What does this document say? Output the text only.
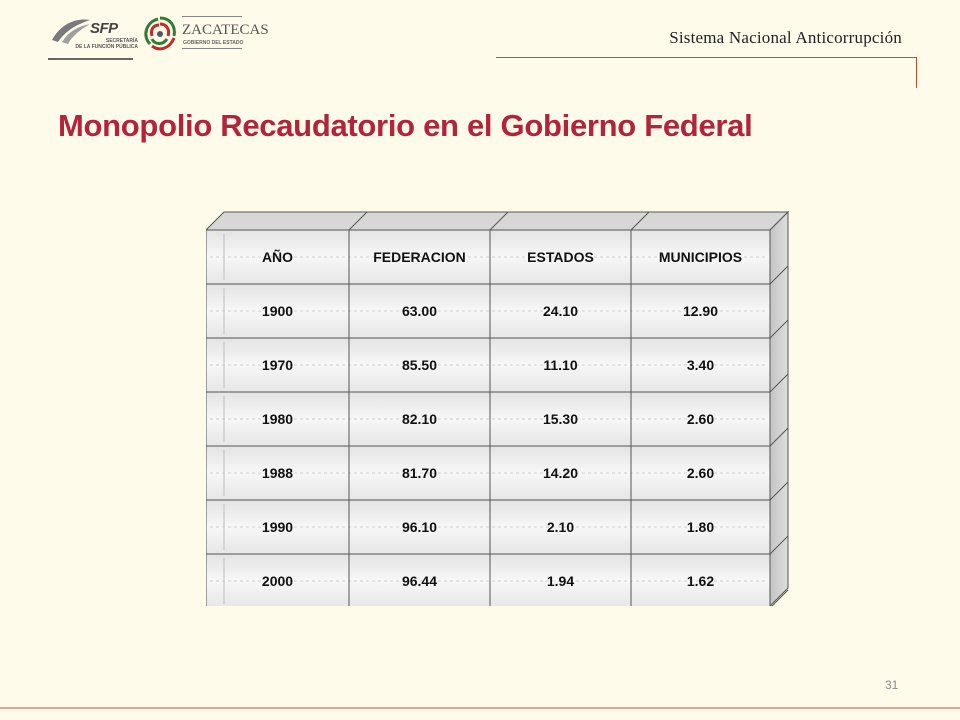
SFP
SECRETARÍA
DE LA FUNCIÓN PÚBLICA
ZACATECAS
GOBIERNO DEL ESTADO	Sistema Nacional Anticorrupción
Monopolio Recaudatorio en el Gobierno Federal
AÑO	FEDERACION	ESTADOS	MUNICIPIOS
1900	63.00	24.10	12.90
1970	85.50	11.10	3.40
1980	82.10	15.30	2.60
1988	81.70	14.20	2.60
1990	96.10	2.10	1.80
2000	96.44	1.94	1.62
31
